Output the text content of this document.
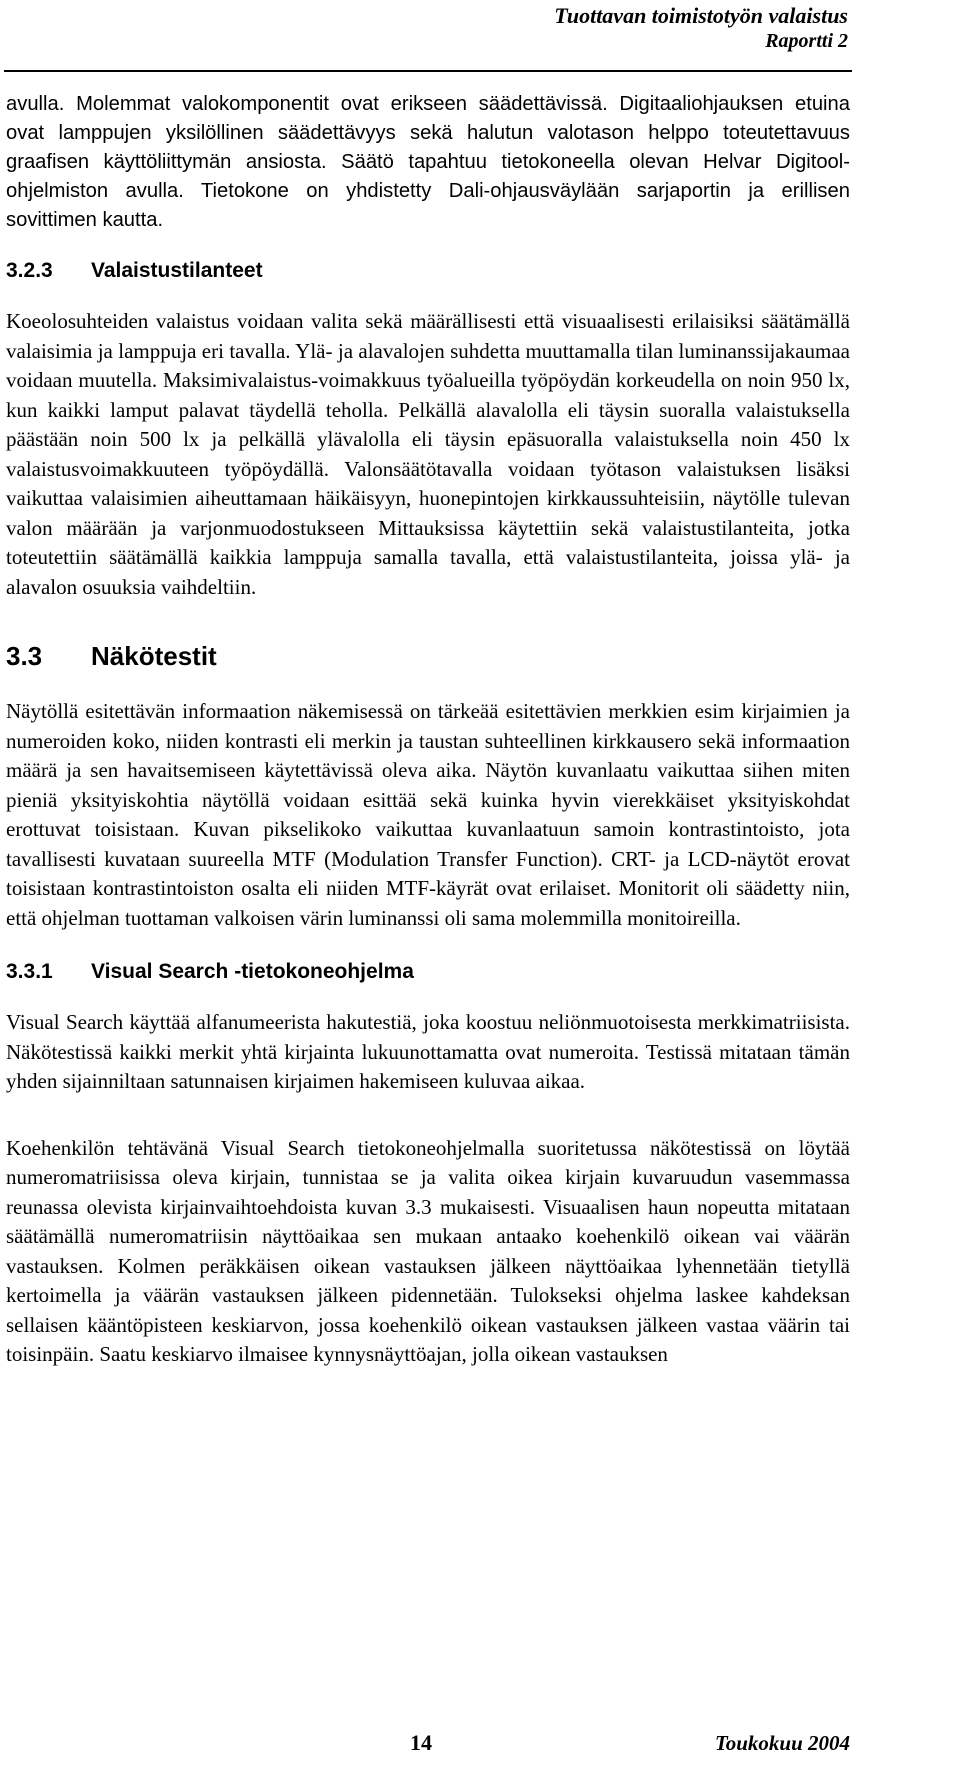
Tuottavan toimistotyön valaistus
Raportti 2

avulla. Molemmat valokomponentit ovat erikseen säädettävissä. Digitaaliohjauksen etuina ovat lamppujen yksilöllinen säädettävyys sekä halutun valotason helppo toteutettavuus graafisen käyttöliittymän ansiosta. Säätö tapahtuu tietokoneella olevan Helvar Digitool-ohjelmiston avulla. Tietokone on yhdistetty Dali-ohjausväylään sarjaportin ja erillisen sovittimen kautta.

3.2.3 Valaistustilanteet

Koeolosuhteiden valaistus voidaan valita sekä määrällisesti että visuaalisesti erilaisiksi säätämällä valaisimia ja lamppuja eri tavalla. Ylä- ja alavalojen suhdetta muuttamalla tilan luminanssijakaumaa voidaan muutella. Maksimivalaistus-voimakkuus työalueilla työpöydän korkeudella on noin 950 lx, kun kaikki lamput palavat täydellä teholla. Pelkällä alavalolla eli täysin suoralla valaistuksella päästään noin 500 lx ja pelkällä ylävalolla eli täysin epäsuoralla valaistuksella noin 450 lx valaistusvoimakkuuteen työpöydällä. Valonsäätötavalla voidaan työtason valaistuksen lisäksi vaikuttaa valaisimien aiheuttamaan häikäisyyn, huonepintojen kirkkaussuhteisiin, näytölle tulevan valon määrään ja varjonmuodostukseen Mittauksissa käytettiin sekä valaistustilanteita, jotka toteutettiin säätämällä kaikkia lamppuja samalla tavalla, että valaistustilanteita, joissa ylä- ja alavalon osuuksia vaihdeltiin.

3.3 Näkötestit

Näytöllä esitettävän informaation näkemisessä on tärkeää esitettävien merkkien esim kirjaimien ja numeroiden koko, niiden kontrasti eli merkin ja taustan suhteellinen kirkkausero sekä informaation määrä ja sen havaitsemiseen käytettävissä oleva aika. Näytön kuvanlaatu vaikuttaa siihen miten pieniä yksityiskohtia näytöllä voidaan esittää sekä kuinka hyvin vierekkäiset yksityiskohdat erottuvat toisistaan. Kuvan pikselikoko vaikuttaa kuvanlaatuun samoin kontrastintoisto, jota tavallisesti kuvataan suureella MTF (Modulation Transfer Function). CRT- ja LCD-näytöt erovat toisistaan kontrastintoiston osalta eli niiden MTF-käyrät ovat erilaiset. Monitorit oli säädetty niin, että ohjelman tuottaman valkoisen värin luminanssi oli sama molemmilla monitoireilla.

3.3.1 Visual Search -tietokoneohjelma

Visual Search käyttää alfanumeerista hakutestiä, joka koostuu neliönmuotoisesta merkkimatriisista. Näkötestissä kaikki merkit yhtä kirjainta lukuunottamatta ovat numeroita. Testissä mitataan tämän yhden sijainniltaan satunnaisen kirjaimen hakemiseen kuluvaa aikaa.

Koehenkilön tehtävänä Visual Search tietokoneohjelmalla suoritetussa näkötestissä on löytää numeromatriisissa oleva kirjain, tunnistaa se ja valita oikea kirjain kuvaruudun vasemmassa reunassa olevista kirjainvaihtoehdoista kuvan 3.3 mukaisesti. Visuaalisen haun nopeutta mitataan säätämällä numeromatriisin näyttöaikaa sen mukaan antaako koehenkilö oikean vai väärän vastauksen. Kolmen peräkkäisen oikean vastauksen jälkeen näyttöaikaa lyhennetään tietyllä kertoimella ja väärän vastauksen jälkeen pidennetään. Tulokseksi ohjelma laskee kahdeksan sellaisen kääntöpisteen keskiarvon, jossa koehenkilö oikean vastauksen jälkeen vastaa väärin tai toisinpäin. Saatu keskiarvo ilmaisee kynnysnäyttöajan, jolla oikean vastauksen

14	Toukokuu 2004
